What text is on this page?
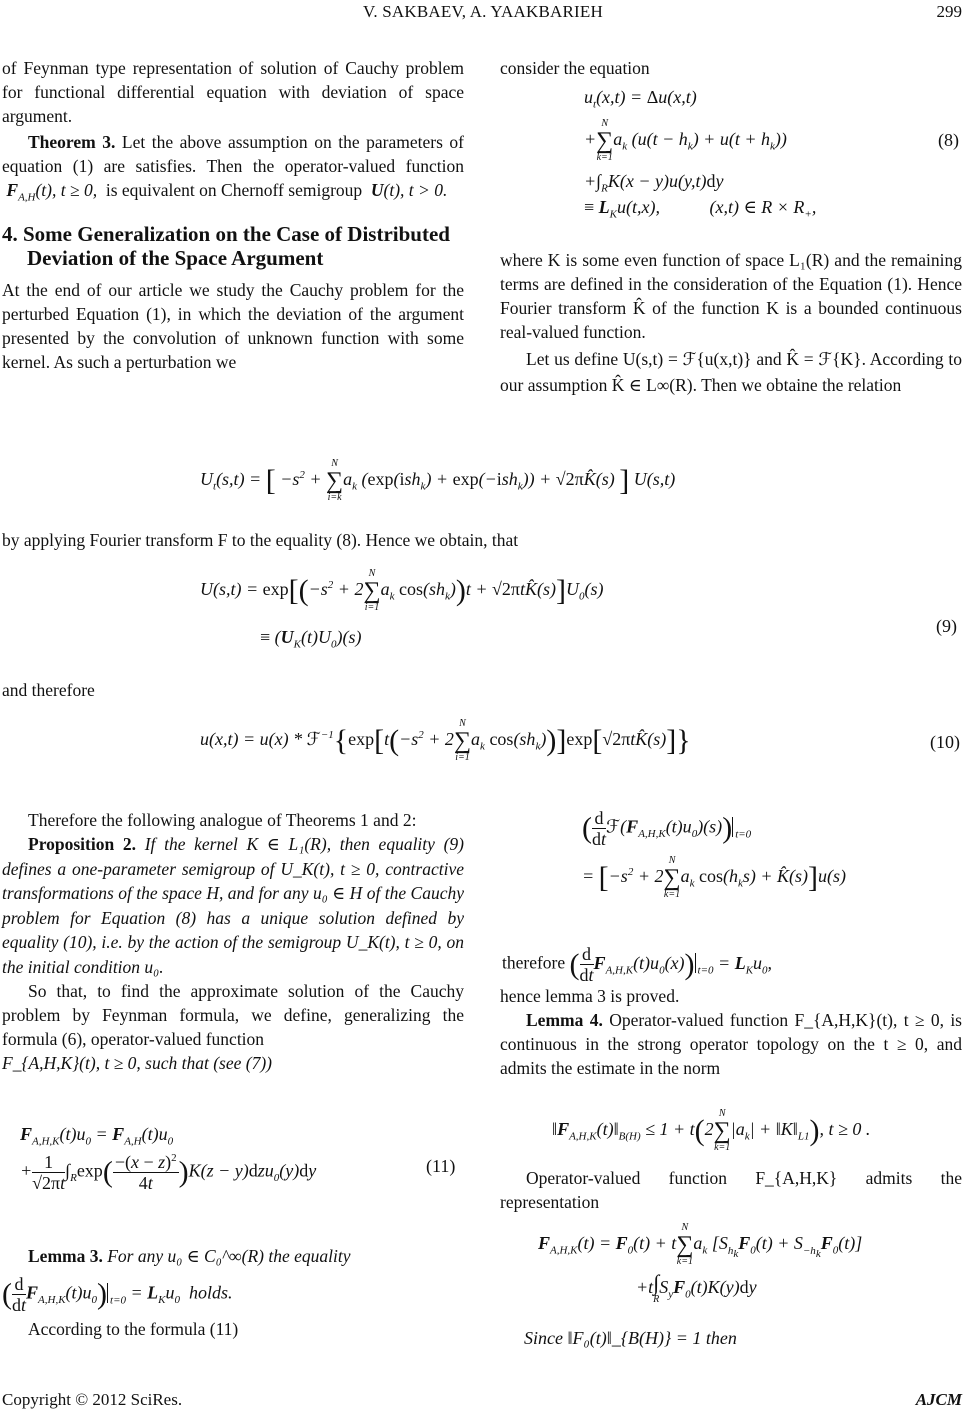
V. SAKBAEV, A. YAAKBARIEH	299

of Feynman type representation of solution of Cauchy problem for functional differential equation with deviation of space argument.

Theorem 3. Let the above assumption on the parameters of equation (1) are satisfies. Then the operator-valued function  $F_{A,H}(t)$, t ≥ 0,  is equivalent on Chernoff semigroup U(t), t > 0.

4. Some Generalization on the Case of Distributed Deviation of the Space Argument

At the end of our article we study the Cauchy problem for the perturbed Equation (1), in which the deviation of the argument presented by the convolution of unknown function with some kernel. As such a perturbation we

consider the equation

$u_t(x,t) = \Delta u(x,t)$
+
N
∑
k=1
$a_k$ $(u(t - h_k) + u(t + h_k))$
$+\int_RK(x - y)u(y,t)dy$
≡ $L_Ku(t,x)$,           (x,t) ∈ $R \times R_+$,
(8)

where K is some even function of space L₁(R) and the remaining terms are defined in the consideration of the Equation (1). Hence Fourier transform K̂ of the function K is a bounded continuous real-valued function.

Let us define U(s,t) = ℱ{u(x,t)} and K̂ = ℱ{K}. According to our assumption K̂ ∈ L∞(R). Then we obtaine the relation

$U_t(s,t)$ = [ $-s^2$ +
N
∑
i=k
$a_k$ (exp(ish$_k$) + exp(−ish$_k$)) + √2πK̂(s) ] U(s,t)
by applying Fourier transform F to the equality (8). Hence we obtain, that
$U(s,t) = \exp[(-s^2 + 2$
N
∑
i=1
$a_k$ $\cos(sh_k))t$ + $√2\pi tK̂(s)]U_0(s)$
≡ $(U_K(t)U_0)(s)$
(9)
and therefore
$u(x,t) = u(x) * ℱ^{-1}\{\exp[t(-s^2 + 2$
N
∑
i=1
$a_k$ $\cos(sh_k))]\exp[√2\pi tK̂(s)]$}	(10)

Therefore the following analogue of Theorems 1 and 2:

Proposition 2. If the kernel K ∈ L₁(R), then equality (9) defines a one-parameter semigroup of U_K(t), t ≥ 0, contractive transformations of the space H, and for any u₀ ∈ H of the Cauchy problem for Equation (8) has a unique solution defined by equality (10), i.e. by the action of the semigroup U_K(t), t ≥ 0, on the initial condition u₀.

So that, to find the approximate solution of the Cauchy problem by Feynman formula, we define, generalizing the formula (6), operator-valued function

F_{A,H,K}(t), t ≥ 0, such that (see (7))

$F_{A,H,K}(t)u_0 = F_{A,H}(t)u_0$
+ $\frac{1}{√2\pi t} \int_R\exp( \frac{-(x - z)^2}{4t} )K(z - y)dzu_0(y)dy$	(11)

Lemma 3. For any u₀ ∈ C₀^∞(R) the equality

( $\frac{d}{dt} F_{A,H,K}(t)u_0$) $_{t=0} = L_Ku_0$ holds.

According to the formula (11)

( $\frac{d}{dt}$ $ℱ(F_{A,H,K}(t)u_0)(s)$) $_{t=0}$
= [$-s^2 + 2$
N
∑
k=1
$a_k$ $\cos(h_ks)$ + K̂(s)]u(s)
therefore ( $\frac{d}{dt} F_{A,H,K}(t)u_0(x)$) $_{t=0} = L_Ku_0$,

hence lemma 3 is proved.

Lemma 4. Operator-valued function F_{A,H,K}(t), t ≥ 0, is continuous in the strong operator topology on the t ≥ 0, and admits the estimate in the norm

$‖F_{A,H,K}(t)‖_{B(H)} \le 1 + t(2$
N
∑
k=1
$|a_k|$ + $‖K‖_{L1}$), t ≥ 0 .

Operator-valued function F_{A,H,K} admits the representation

$F_{A,H,K}(t) = F_0(t) + t$
N
∑
k=1
$a_k$ $[S_{h_k}F_0(t) + S_{-h_k}F_0(t)]$
+t ∫
R
$S_yF_0(t)K(y)dy$
Since ‖F₀(t)‖_{B(H)} = 1 then
Copyright © 2012 SciRes.	AJCM
